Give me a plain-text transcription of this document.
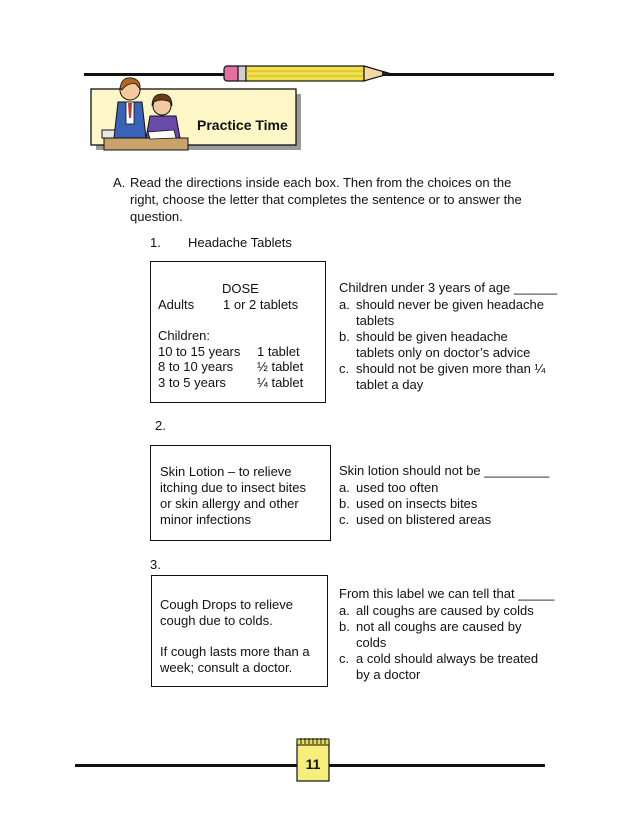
Practice Time
A. Read the directions inside each box. Then from the choices on the
right, choose the letter that completes the sentence or to answer the
question.
1. Headache Tablets
DOSE
Adults 1 or 2 tablets
Children:
10 to 15 years 1 tablet
8 to 10 years ½ tablet
3 to 5 years ¼ tablet
Children under 3 years of age ______
a. should never be given headache
tablets
b. should be given headache
tablets only on doctor’s advice
c. should not be given more than ¼
tablet a day
2.
Skin Lotion – to relieve
itching due to insect bites
or skin allergy and other
minor infections
Skin lotion should not be _________
a. used too often
b. used on insects bites
c. used on blistered areas
3.
Cough Drops to relieve
cough due to colds.
If cough lasts more than a
week; consult a doctor.
From this label we can tell that _____
a. all coughs are caused by colds
b. not all coughs are caused by
colds
c. a cold should always be treated
by a doctor
11
